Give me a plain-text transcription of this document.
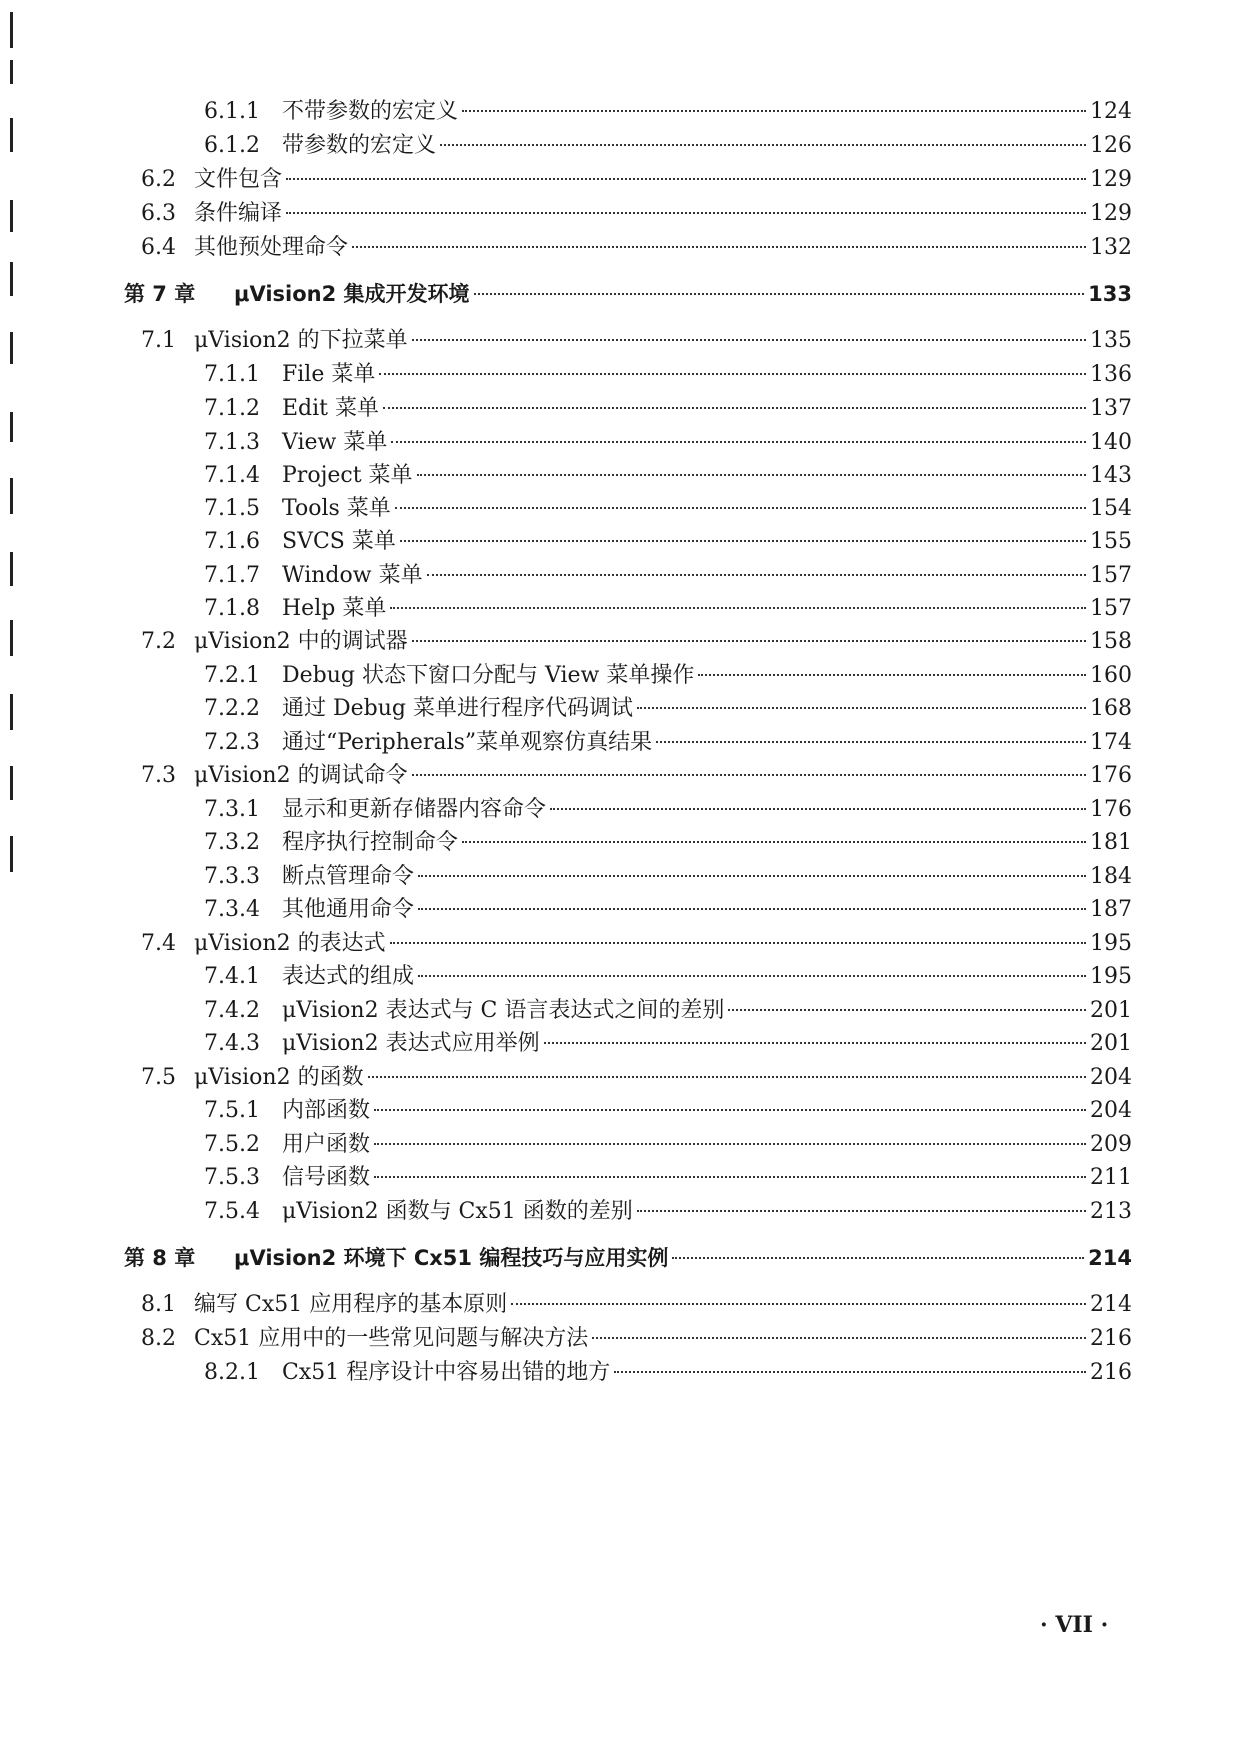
6.1.1	不带参数的宏定义	124
6.1.2	带参数的宏定义	126
6.2 文件包含	129
6.3 条件编译	129
6.4 其他预处理命令	132
第 7 章	μVision2 集成开发环境	133
7.1 μVision2 的下拉菜单	135
7.1.1	File 菜单	136
7.1.2	Edit 菜单	137
7.1.3	View 菜单	140
7.1.4	Project 菜单	143
7.1.5	Tools 菜单	154
7.1.6	SVCS 菜单	155
7.1.7	Window 菜单	157
7.1.8	Help 菜单	157
7.2 μVision2 中的调试器	158
7.2.1	Debug 状态下窗口分配与 View 菜单操作	160
7.2.2	通过 Debug 菜单进行程序代码调试	168
7.2.3	通过“Peripherals”菜单观察仿真结果	174
7.3 μVision2 的调试命令	176
7.3.1	显示和更新存储器内容命令	176
7.3.2	程序执行控制命令	181
7.3.3	断点管理命令	184
7.3.4	其他通用命令	187
7.4 μVision2 的表达式	195
7.4.1	表达式的组成	195
7.4.2	μVision2 表达式与 C 语言表达式之间的差别	201
7.4.3	μVision2 表达式应用举例	201
7.5 μVision2 的函数	204
7.5.1	内部函数	204
7.5.2	用户函数	209
7.5.3	信号函数	211
7.5.4	μVision2 函数与 Cx51 函数的差别	213
第 8 章	μVision2 环境下 Cx51 编程技巧与应用实例	214
8.1 编写 Cx51 应用程序的基本原则	214
8.2 Cx51 应用中的一些常见问题与解决方法	216
8.2.1	Cx51 程序设计中容易出错的地方	216
· VII ·
